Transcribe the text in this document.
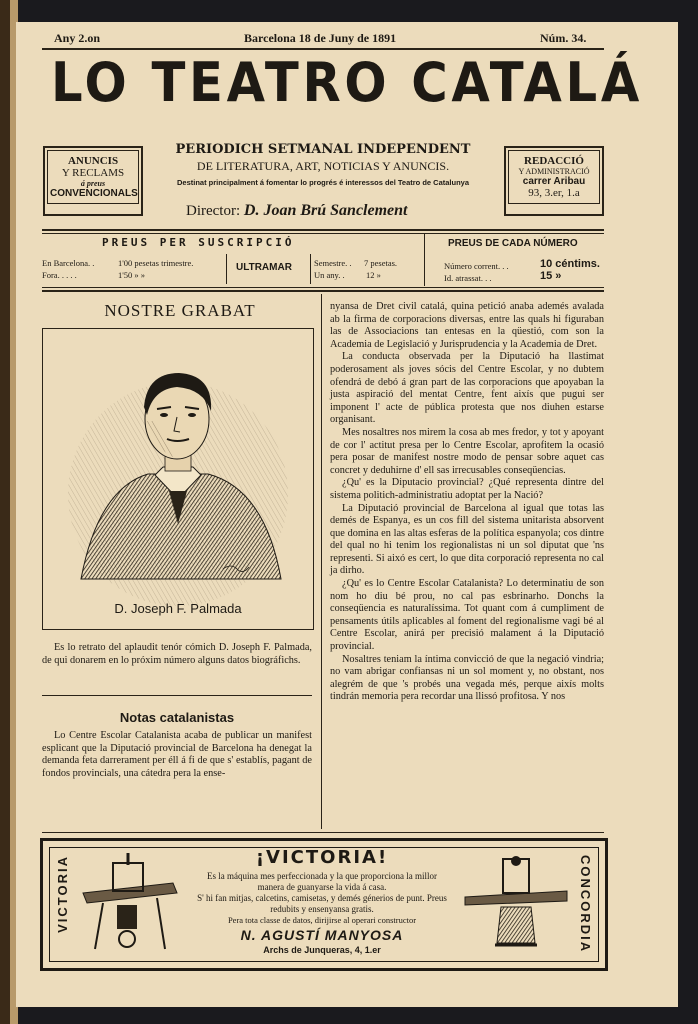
Any 2.on	Barcelona 18 de Juny de 1891	Núm. 34.
LO TEATRO CATALÁ
ANUNCIS
Y RECLAMS
á preus
CONVENCIONALS
REDACCIÓ
Y ADMINISTRACIÓ
carrer Aribau
93, 3.er, 1.a
PERIODICH SETMANAL INDEPENDENT
DE LITERATURA, ART, NOTICIAS Y ANUNCIS.
Destinat principalment á fomentar lo progrés é interessos del Teatro de Catalunya
Director: D. Joan Brú Sanclement
PREUS PER SUSCRIPCIÓ
En Barcelona. .	1'00 pesetas trimestre.
Fora. . . . .	1'50 » »
ULTRAMAR	Semestre. . 7 pesetas.
Un any. .	12 »
PREUS DE CADA NÚMERO
Número corrent. . .	10 céntims.
Id. atrassat. . .	15 »
NOSTRE GRABAT
D. Joseph F. Palmada

Es lo retrato del aplaudit tenór cómich D. Joseph F. Palmada, de qui donarem en lo próxim número alguns datos biográfichs.

Notas catalanistas

Lo Centre Escolar Catalanista acaba de publicar un manifest esplicant que la Diputació provincial de Barcelona ha denegat la demanda feta darrerament per éll á fi de que s' establís, pagant de fondos provincials, una cátedra pera la ense-

nyansa de Dret civil catalá, quina petició anaba ademés avalada ab la firma de corporacions diversas, entre las quals hi figuraban las de Associacions tan entesas en la qüestió, com son la Academia de Legislació y Jurisprudencia y la Academia de Dret.

La conducta observada per la Diputació ha llastimat poderosament als joves sócis del Centre Escolar, y no dubtem ofendrá de debó á gran part de las corporacions que apoyaban la justa aspiració del mentat Centre, fent aixís que pugui ser imponent l' acte de pública protesta que nos diuhen estarse organisant.

Mes nosaltres nos mirem la cosa ab mes fredor, y tot y apoyant de cor l' actitut presa per lo Centre Escolar, aprofitem la ocasió pera posar de manifest nostre modo de pensar sobre aquet cas concret y deduhirne d' ell sas irrecusables conseqüencias.

¿Qu' es la Diputacio provincial? ¿Qué representa dintre del sistema politich-administratiu adoptat per la Nació?

La Diputació provincial de Barcelona al igual que totas las demés de Espanya, es un cos fill del sistema unitarista absorvent que domina en las altas esferas de la política espanyola; cos dintre del qual no hi tenim los regionalistas ni un sol diputat que 'ns representi. Si aixó es cert, lo que dita corporació representa no cal ja dirho.

¿Qu' es lo Centre Escolar Catalanista? Lo determinatiu de son nom ho diu bé prou, no cal pas esbrinarho. Donchs la conseqüencia es naturalíssima. Tot quant com á cumpliment de pensaments útils aplicables al foment del regionalisme vagi bé al Centre Escolar, anirá per precisió malament á la Diputació provincial.

Nosaltres teniam la íntima convicció de que la negació vindria; no vam abrigar confiansas ni un sol moment y, no obstant, nos alegrém de que 's probés una vegada més, perque aixís molts tindrán memoria pera recordar una llissó profitosa. Y nos

VICTORIA	CONCORDIA
¡VICTORIA!
Es la máquina mes perfeccionada y la que proporciona la millor manera de guanyarse la vida á casa.
S' hi fan mitjas, calcetins, camisetas, y demés génerios de punt. Preus redubits y ensenyansa gratis.
Pera tota classe de datos, dirijirse al operari constructor
N. AGUSTÍ MANYOSA
Archs de Junqueras, 4, 1.er
